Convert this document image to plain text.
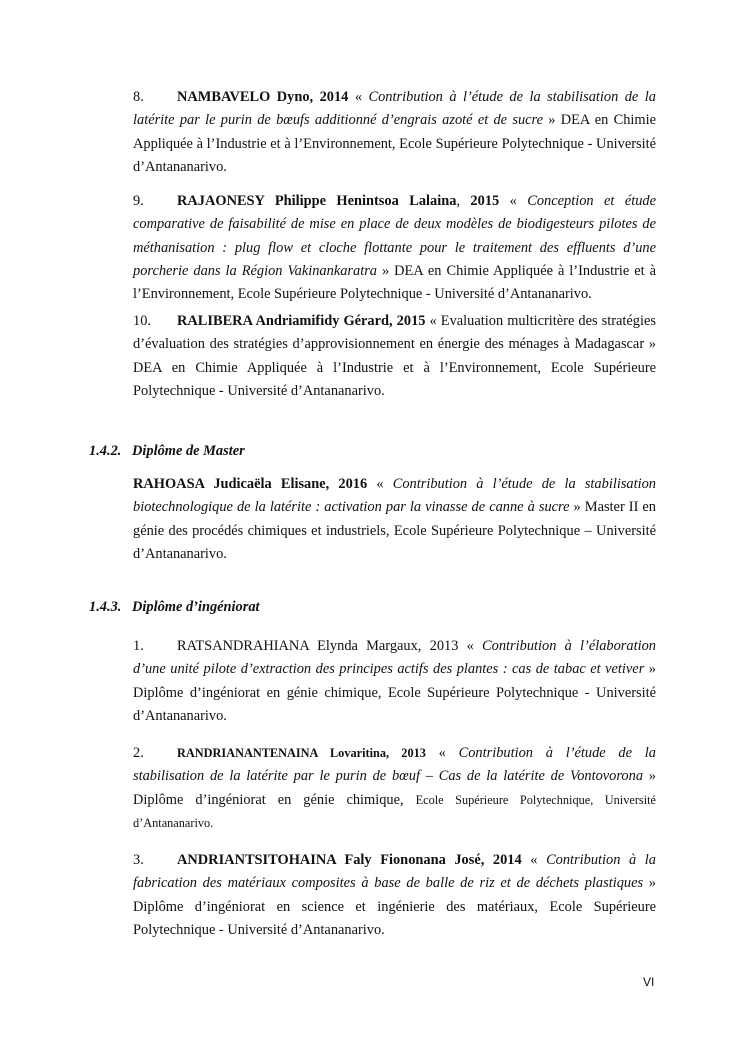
8. NAMBAVELO Dyno, 2014 « Contribution à l’étude de la stabilisation de la latérite par le purin de bœufs additionné d’engrais azoté et de sucre » DEA en Chimie Appliquée à l’Industrie et à l’Environnement, Ecole Supérieure Polytechnique - Université d’Antananarivo.
9. RAJAONESY Philippe Henintsoa Lalaina, 2015 « Conception et étude comparative de faisabilité de mise en place de deux modèles de biodigesteurs pilotes de méthanisation : plug flow et cloche flottante pour le traitement des effluents d’une porcherie dans la Région Vakinankaratra » DEA en Chimie Appliquée à l’Industrie et à l’Environnement, Ecole Supérieure Polytechnique - Université d’Antananarivo.
10. RALIBERA Andriamifidy Gérard, 2015 « Evaluation multicritère des stratégies d’évaluation des stratégies d’approvisionnement en énergie des ménages à Madagascar » DEA en Chimie Appliquée à l’Industrie et à l’Environnement, Ecole Supérieure Polytechnique - Université d’Antananarivo.
1.4.2. Diplôme de Master
RAHOASA Judicaëla Elisane, 2016 « Contribution à l’étude de la stabilisation biotechnologique de la latérite : activation par la vinasse de canne à sucre » Master II en génie des procédés chimiques et industriels, Ecole Supérieure Polytechnique – Université d’Antananarivo.
1.4.3. Diplôme d’ingéniorat
1. RATSANDRAHIANA Elynda Margaux, 2013 « Contribution à l’élaboration d’une unité pilote d’extraction des principes actifs des plantes : cas de tabac et vetiver » Diplôme d’ingéniorat en génie chimique, Ecole Supérieure Polytechnique - Université d’Antananarivo.
2.	RANDRIANANTENAINA Lovaritina, 2013 « Contribution à l’étude de la stabilisation de la latérite par le purin de bœuf – Cas de la latérite de Vontovorona » Diplôme d’ingéniorat en génie chimique, Ecole Supérieure Polytechnique, Université d’Antananarivo.
3. ANDRIANTSITOHAINA Faly Fiononana José, 2014 « Contribution à la fabrication des matériaux composites à base de balle de riz et de déchets plastiques » Diplôme d’ingéniorat en science et ingénierie des matériaux, Ecole Supérieure Polytechnique - Université d’Antananarivo.
VI
